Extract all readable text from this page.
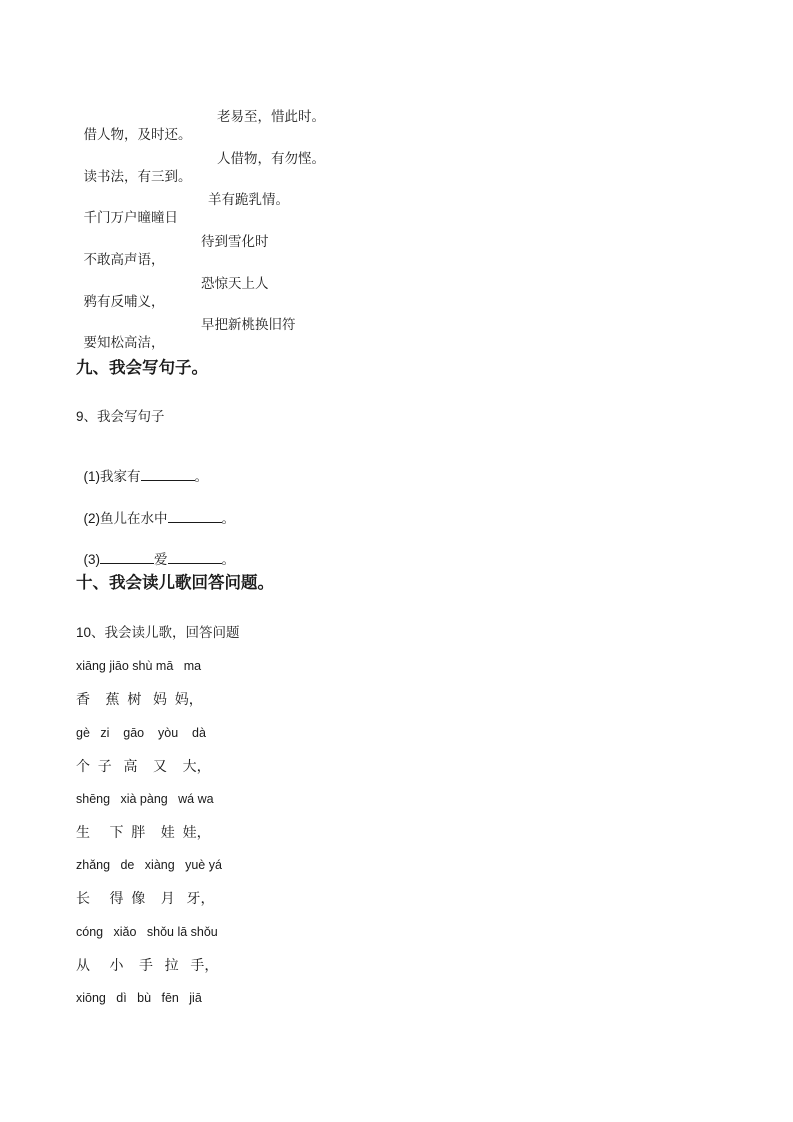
借人物，及时还。

老易至，惜此时。

读书法，有三到。

人借物，有勿悭。

千门万户曈曈日

羊有跪乳情。

不敢高声语，

待到雪化时

鸦有反哺义，

恐惊天上人

要知松高洁，

早把新桃换旧符

九、我会写句子。
9、我会写句子

(1)我家有	。

(2)鱼儿在水中	。

(3)	爱	。

十、我会读儿歌回答问题。
10、我会读儿歌，回答问题
xiāng jiāo shù mā   ma
香    蕉  树   妈  妈，
gè   zi    gāo    yòu    dà
个  子   高    又    大，
shēng   xià pàng   wá wa
生     下  胖    娃  娃，
zhǎng   de   xiàng   yuè yá
长     得  像    月   牙，
cóng   xiǎo   shǒu lā shǒu
从     小    手   拉   手，
xiōng   dì   bù   fēn   jiā
